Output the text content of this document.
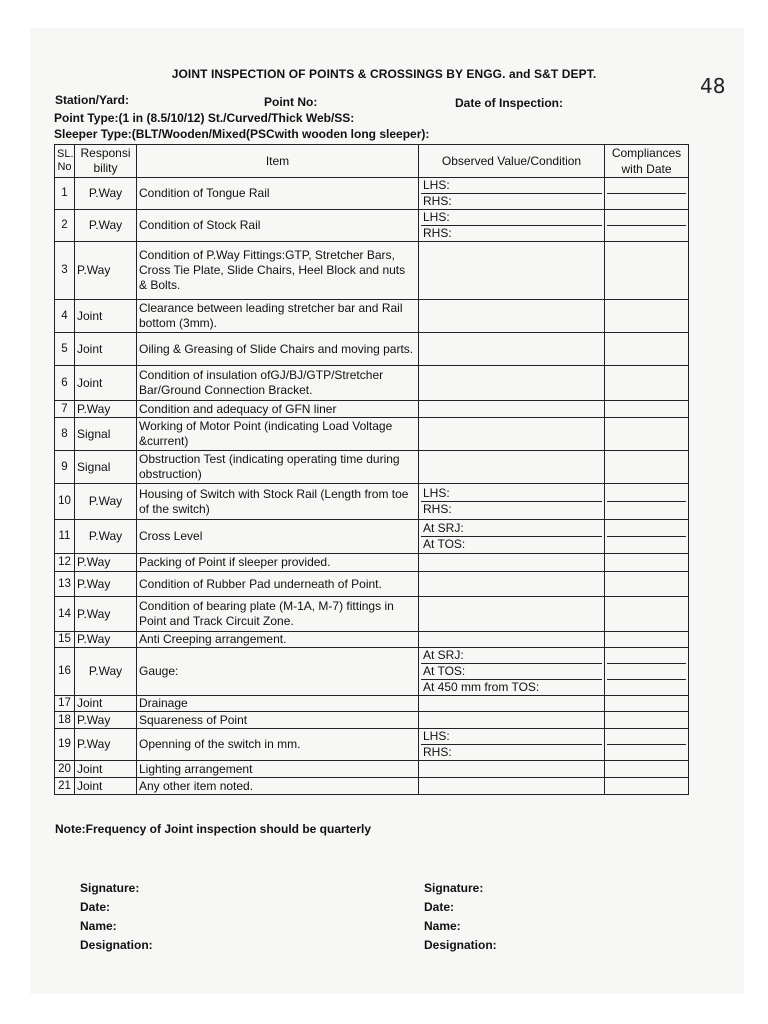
48
JOINT INSPECTION OF POINTS & CROSSINGS BY ENGG. and S&T DEPT.
Station/Yard:	Point No:	Date of Inspection:
Point Type:(1 in (8.5/10/12) St./Curved/Thick Web/SS:
Sleeper Type:(BLT/Wooden/Mixed(PSCwith wooden long sleeper):
SL. No	Responsi bility	Item	Observed Value/Condition	Compliances with Date
1	P.Way	Condition of Tongue Rail	LHS:
RHS:	

2	P.Way	Condition of Stock Rail	LHS:
RHS:	

3	P.Way	Condition of P.Way Fittings:GTP, Stretcher Bars, Cross Tie Plate, Slide Chairs, Heel Block and nuts & Bolts.		
4	Joint	Clearance between leading stretcher bar and Rail bottom (3mm).		
5	Joint	Oiling & Greasing of Slide Chairs and moving parts.		
6	Joint	Condition of insulation ofGJ/BJ/GTP/Stretcher Bar/Ground Connection Bracket.		
7	P.Way	Condition and adequacy of GFN liner		
8	Signal	Working of Motor Point (indicating Load Voltage &current)		
9	Signal	Obstruction Test (indicating operating time during obstruction)		
10	P.Way	Housing of Switch with Stock Rail (Length from toe of the switch)	LHS:
RHS:	

11	P.Way	Cross Level	At SRJ:
At TOS:	

12	P.Way	Packing of Point if sleeper provided.		
13	P.Way	Condition of Rubber Pad underneath of Point.		
14	P.Way	Condition of bearing plate (M-1A, M-7) fittings in Point and Track Circuit Zone.		
15	P.Way	Anti Creeping arrangement.		
16	P.Way	Gauge:	At SRJ:
At TOS:
At 450 mm from TOS:	

17	Joint	Drainage		
18	P.Way	Squareness of Point		
19	P.Way	Openning of the switch in mm.	LHS:
RHS:	

20	Joint	Lighting arrangement		
21	Joint	Any other item noted.		
Note:Frequency of Joint inspection should be quarterly
Signature:
Date:
Name:
Designation:
Signature:
Date:
Name:
Designation:
